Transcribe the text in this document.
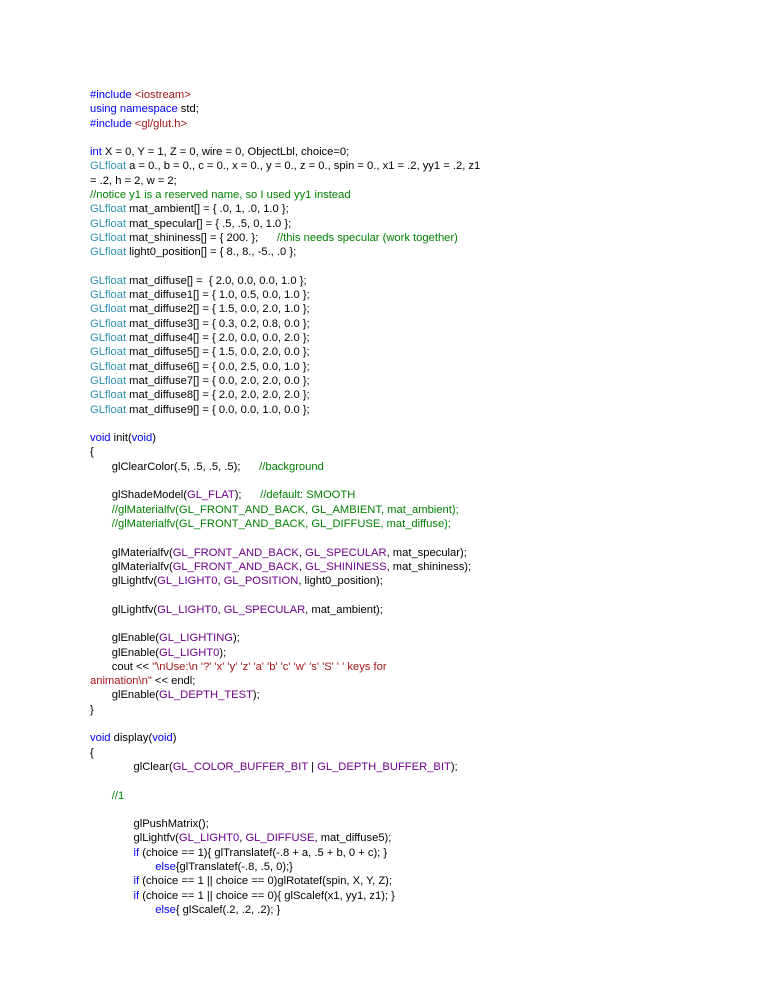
#include <iostream>
using namespace std;
#include <gl/glut.h>
int X = 0, Y = 1, Z = 0, wire = 0, ObjectLbl, choice=0;
GLfloat a = 0., b = 0., c = 0., x = 0., y = 0., z = 0., spin = 0., x1 = .2, yy1 = .2, z1
= .2, h = 2, w = 2;
//notice y1 is a reserved name, so I used yy1 instead
GLfloat mat_ambient[] = { .0, 1, .0, 1.0 };
GLfloat mat_specular[] = { .5, .5, 0, 1.0 };
GLfloat mat_shininess[] = { 200. };      //this needs specular (work together)
GLfloat light0_position[] = { 8., 8., -5., .0 };
GLfloat mat_diffuse[] =  { 2.0, 0.0, 0.0, 1.0 };
GLfloat mat_diffuse1[] = { 1.0, 0.5, 0.0, 1.0 };
GLfloat mat_diffuse2[] = { 1.5, 0.0, 2.0, 1.0 };
GLfloat mat_diffuse3[] = { 0.3, 0.2, 0.8, 0.0 };
GLfloat mat_diffuse4[] = { 2.0, 0.0, 0.0, 2.0 };
GLfloat mat_diffuse5[] = { 1.5, 0.0, 2.0, 0.0 };
GLfloat mat_diffuse6[] = { 0.0, 2.5, 0.0, 1.0 };
GLfloat mat_diffuse7[] = { 0.0, 2.0, 2.0, 0.0 };
GLfloat mat_diffuse8[] = { 2.0, 2.0, 2.0, 2.0 };
GLfloat mat_diffuse9[] = { 0.0, 0.0, 1.0, 0.0 };
void init(void)
{
glClearColor(.5, .5, .5, .5);      //background
glShadeModel(GL_FLAT);      //default: SMOOTH
//glMaterialfv(GL_FRONT_AND_BACK, GL_AMBIENT, mat_ambient);
//glMaterialfv(GL_FRONT_AND_BACK, GL_DIFFUSE, mat_diffuse);
glMaterialfv(GL_FRONT_AND_BACK, GL_SPECULAR, mat_specular);
glMaterialfv(GL_FRONT_AND_BACK, GL_SHININESS, mat_shininess);
glLightfv(GL_LIGHT0, GL_POSITION, light0_position);
glLightfv(GL_LIGHT0, GL_SPECULAR, mat_ambient);
glEnable(GL_LIGHTING);
glEnable(GL_LIGHT0);
cout << "\nUse:\n '?' 'x' 'y' 'z' 'a' 'b' 'c' 'w' 's' 'S' ' ' keys for
animation\n" << endl;
glEnable(GL_DEPTH_TEST);
}
void display(void)
{
glClear(GL_COLOR_BUFFER_BIT | GL_DEPTH_BUFFER_BIT);
//1
glPushMatrix();
glLightfv(GL_LIGHT0, GL_DIFFUSE, mat_diffuse5);
if (choice == 1){ glTranslatef(-.8 + a, .5 + b, 0 + c); }
else{glTranslatef(-.8, .5, 0);}
if (choice == 1 || choice == 0)glRotatef(spin, X, Y, Z);
if (choice == 1 || choice == 0){ glScalef(x1, yy1, z1); }
else{ glScalef(.2, .2, .2); }
